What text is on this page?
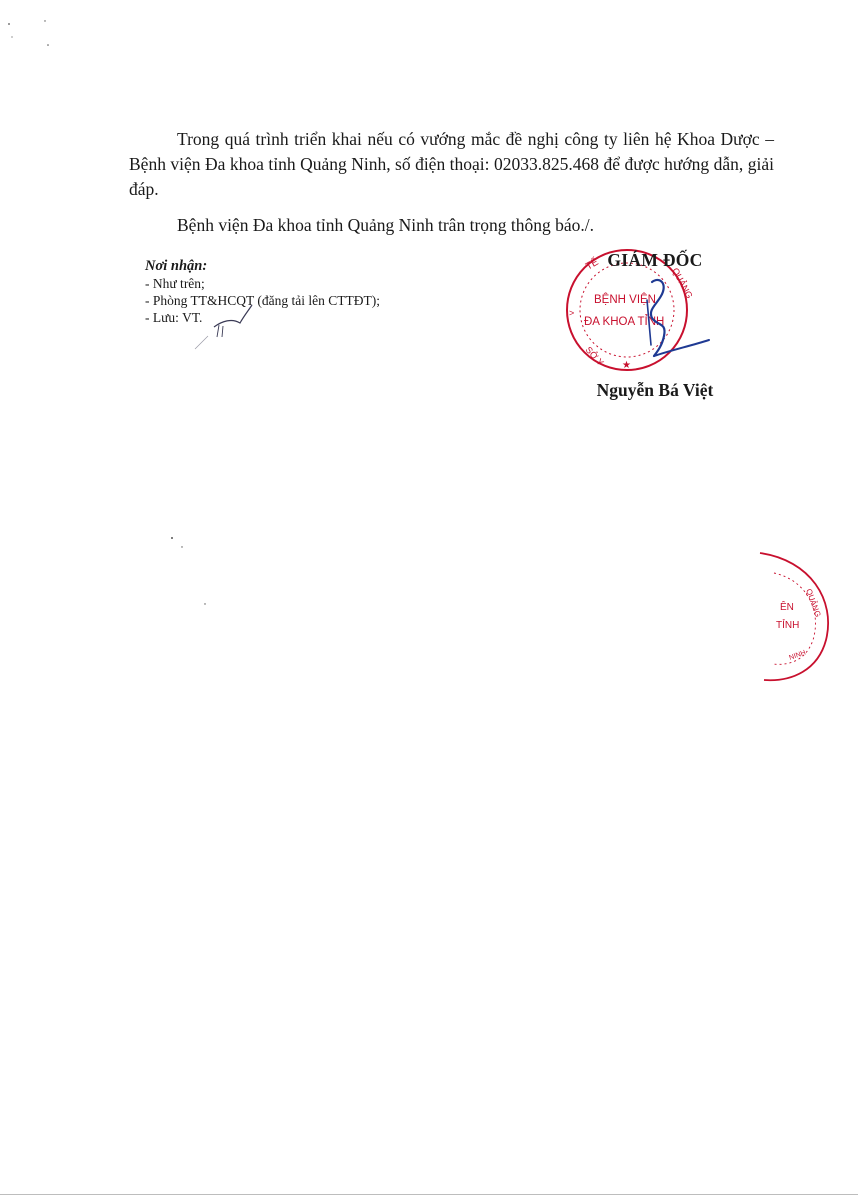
Trong quá trình triển khai nếu có vướng mắc đề nghị công ty liên hệ Khoa Dược – Bệnh viện Đa khoa tỉnh Quảng Ninh, số điện thoại: 02033.825.468 để được hướng dẫn, giải đáp.

Bệnh viện Đa khoa tỉnh Quảng Ninh trân trọng thông báo./.

Nơi nhận:
- Như trên;
- Phòng TT&HCQT (đăng tải lên CTTĐT);
- Lưu: VT.
TẾ
QUẢNG
SỞ Y
BỆNH VIỆN
ĐA KHOA TỈNH
★
>
ÊN
TỈNH
QUẢNG
NINH
GIÁM ĐỐC
Nguyễn Bá Việt
